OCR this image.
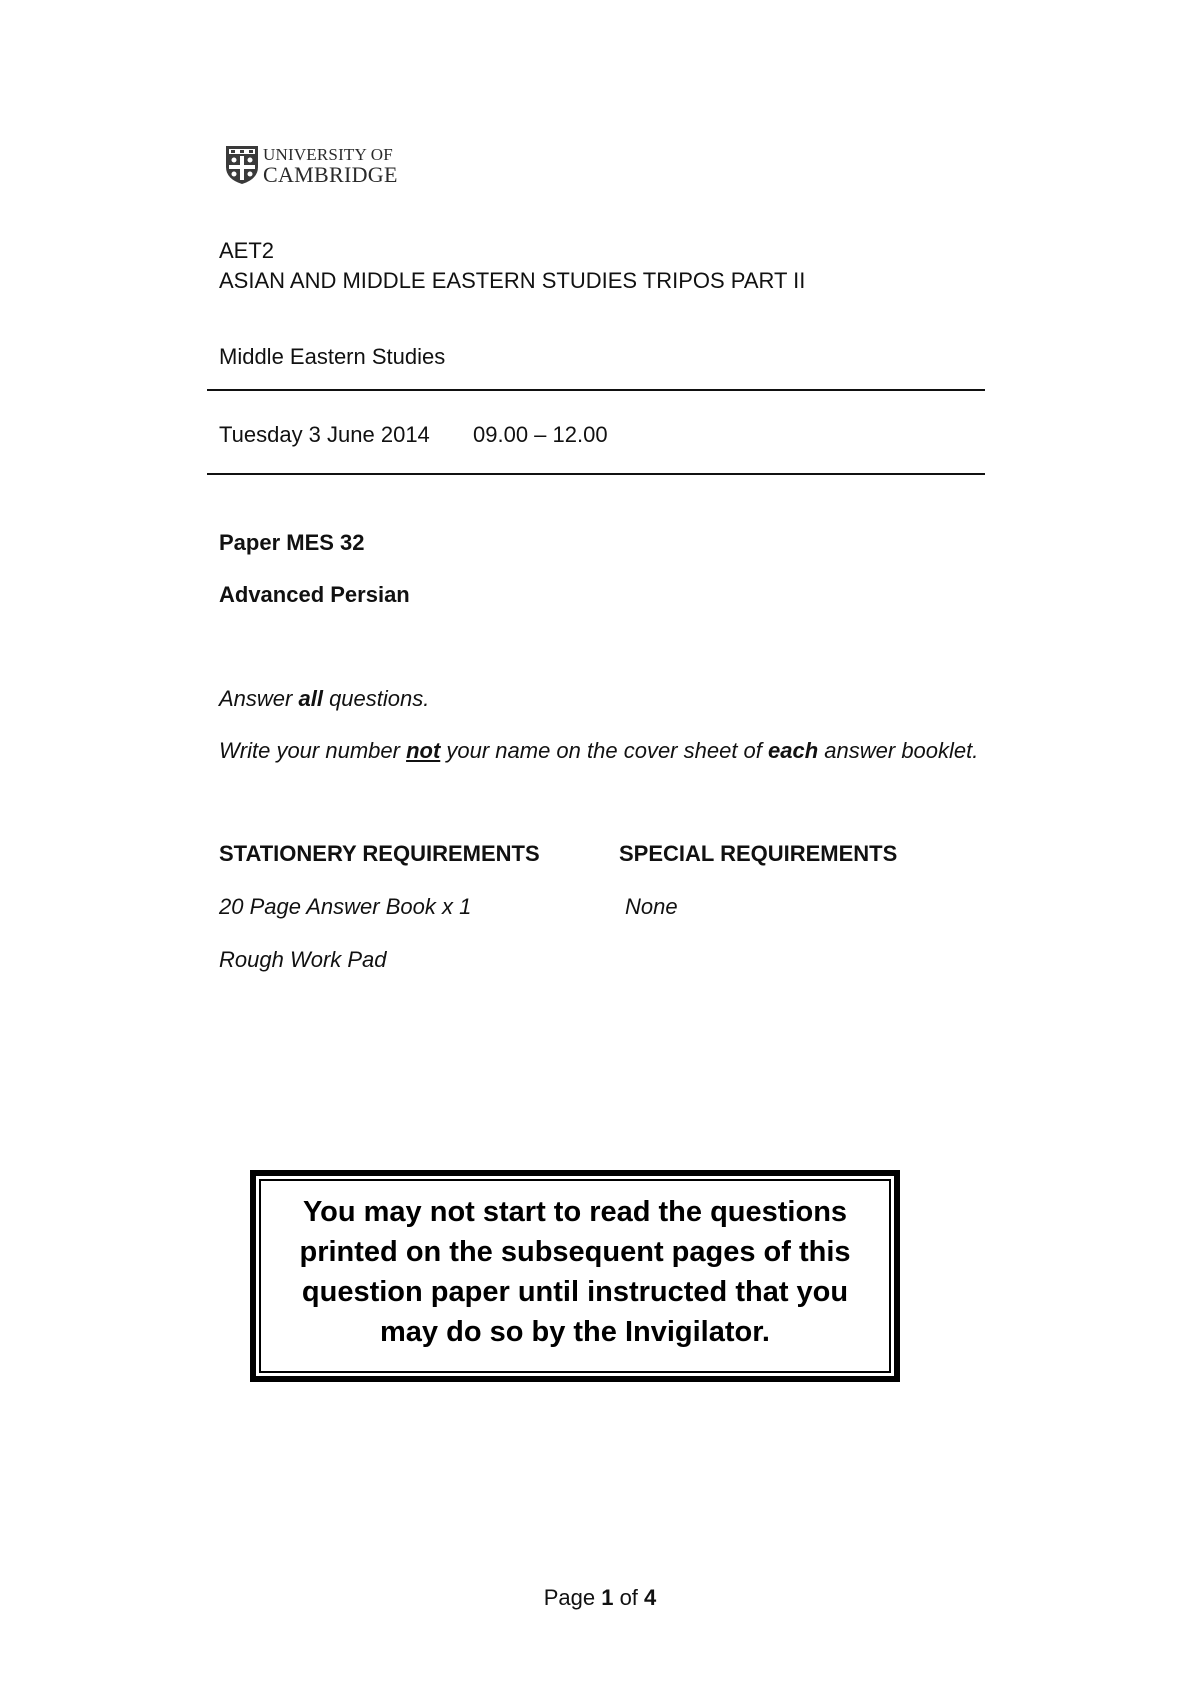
UNIVERSITY OF
CAMBRIDGE
AET2
ASIAN AND MIDDLE EASTERN STUDIES TRIPOS PART II
Middle Eastern Studies
Tuesday 3 June 2014 09.00 – 12.00
Paper MES 32
Advanced Persian
Answer all questions.
Write your number not your name on the cover sheet of each answer booklet.
STATIONERY REQUIREMENTS	SPECIAL REQUIREMENTS
20 Page Answer Book x 1	None
Rough Work Pad
You may not start to read the questions printed on the subsequent pages of this question paper until instructed that you may do so by the Invigilator.
Page 1 of 4
